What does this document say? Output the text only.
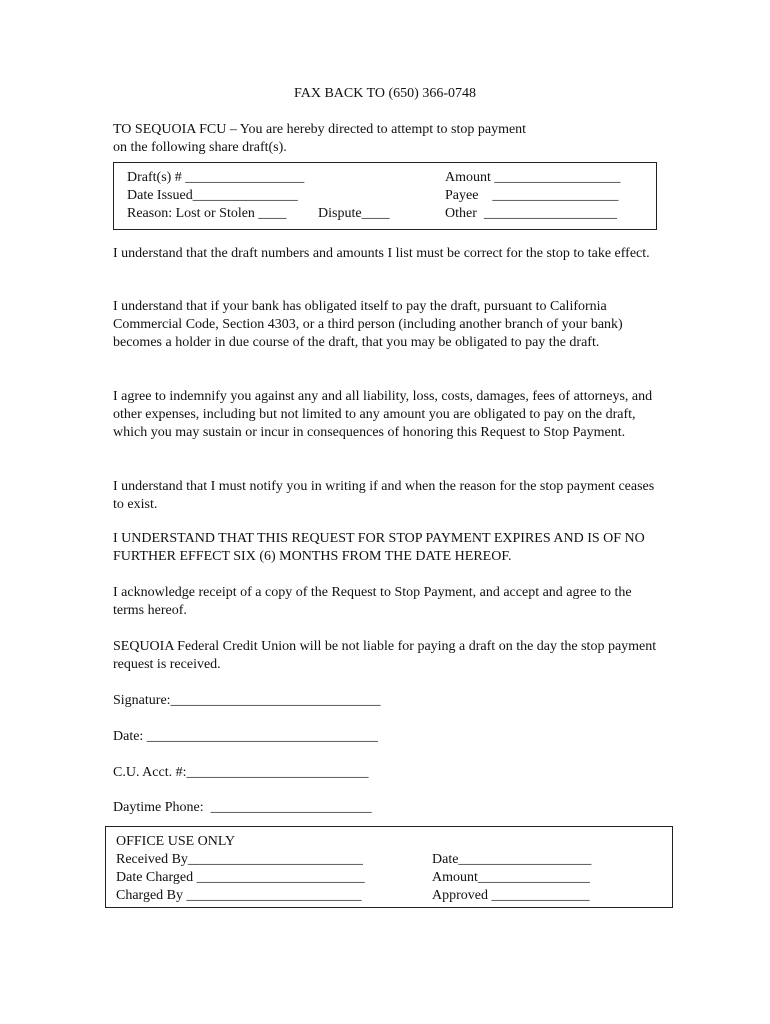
FAX BACK TO (650) 366-0748
TO SEQUOIA FCU – You are hereby directed to attempt to stop payment
on the following share draft(s).
Draft(s) # _________________
Date Issued_______________
Reason: Lost or Stolen ____ Dispute____
Amount __________________
Payee    __________________
Other  ___________________
I understand that the draft numbers and amounts I list must be correct for the stop to take effect.
I understand that if your bank has obligated itself to pay the draft, pursuant to California Commercial Code, Section 4303, or a third person (including another branch of your bank) becomes a holder in due course of the draft, that you may be obligated to pay the draft.
I agree to indemnify you against any and all liability, loss, costs, damages, fees of attorneys, and other expenses, including but not limited to any amount you are obligated to pay on the draft, which you may sustain or incur in consequences of honoring this Request to Stop Payment.
I understand that I must notify you in writing if and when the reason for the stop payment ceases to exist.
I UNDERSTAND THAT THIS REQUEST FOR STOP PAYMENT EXPIRES AND IS OF NO FURTHER EFFECT SIX (6) MONTHS FROM THE DATE HEREOF.
I acknowledge receipt of a copy of the Request to Stop Payment, and accept and agree to the terms hereof.
SEQUOIA Federal Credit Union will be not liable for paying a draft on the day the stop payment request is received.
Signature:______________________________
Date: _________________________________
C.U. Acct. #:__________________________
Daytime Phone:  _______________________
OFFICE USE ONLY
Received By_________________________
Date Charged ________________________
Charged By _________________________
Date___________________
Amount________________
Approved ______________
